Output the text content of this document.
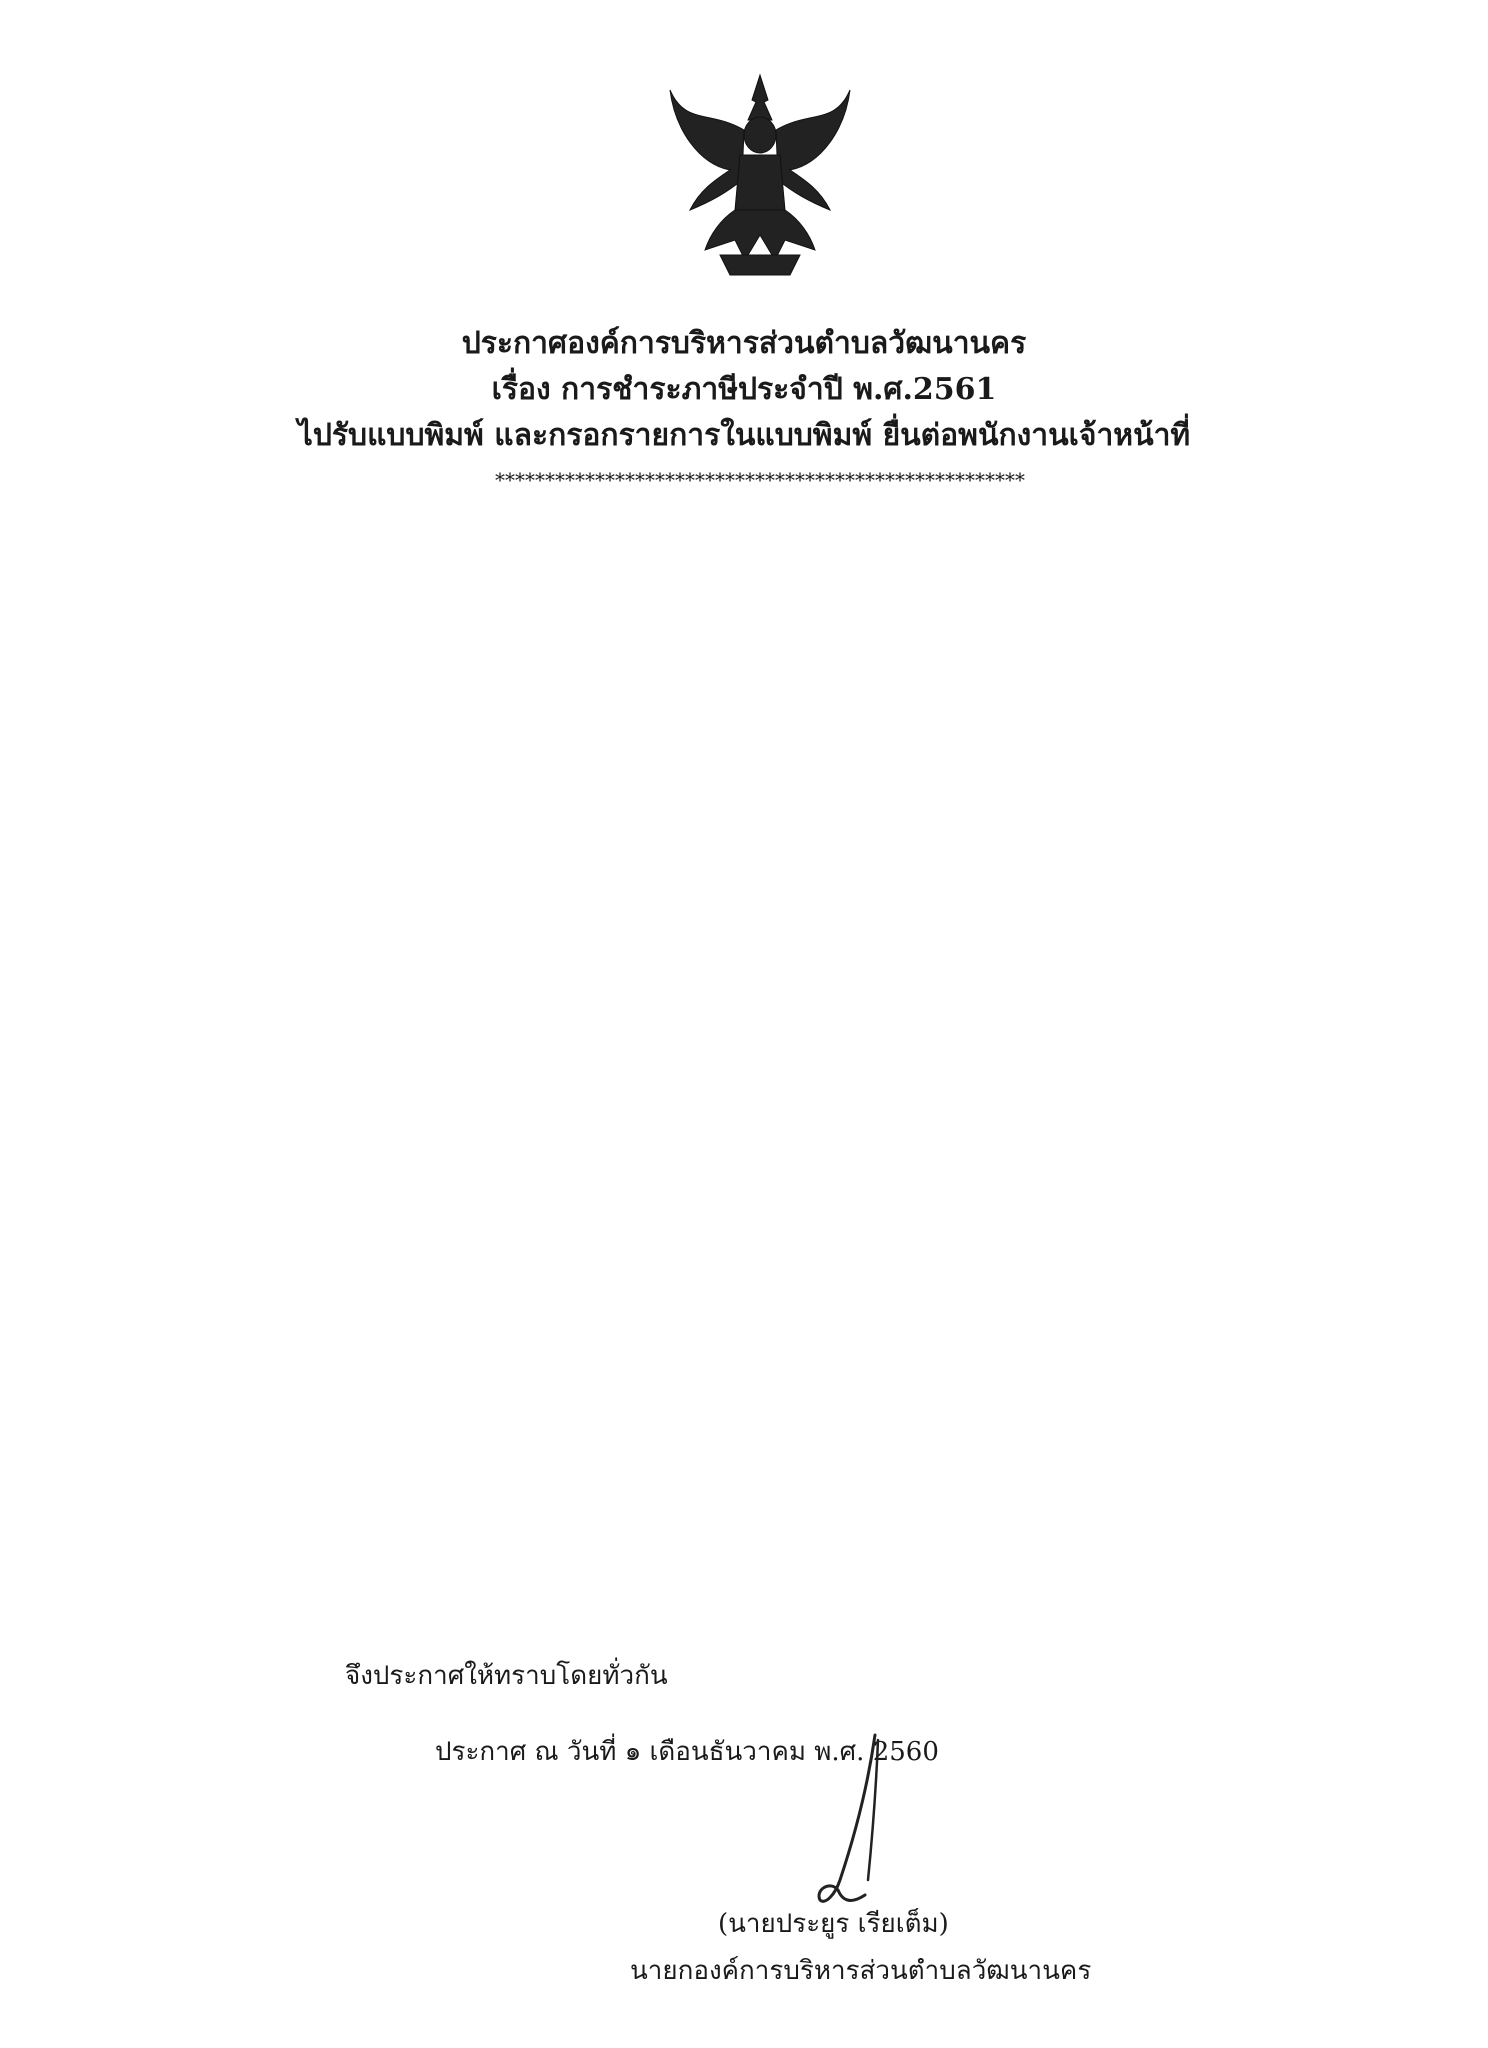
ประกาศองค์การบริหารส่วนตำบลวัฒนานคร
เรื่อง การชำระภาษีประจำปี พ.ศ.2561
ไปรับแบบพิมพ์ และกรอกรายการในแบบพิมพ์ ยื่นต่อพนักงานเจ้าหน้าที่
*****************************************************
จึงประกาศให้ทราบโดยทั่วกัน
ประกาศ ณ วันที่ ๑ เดือนธันวาคม พ.ศ. 2560
(นายประยูร เรียเต็ม)
นายกองค์การบริหารส่วนตำบลวัฒนานคร
